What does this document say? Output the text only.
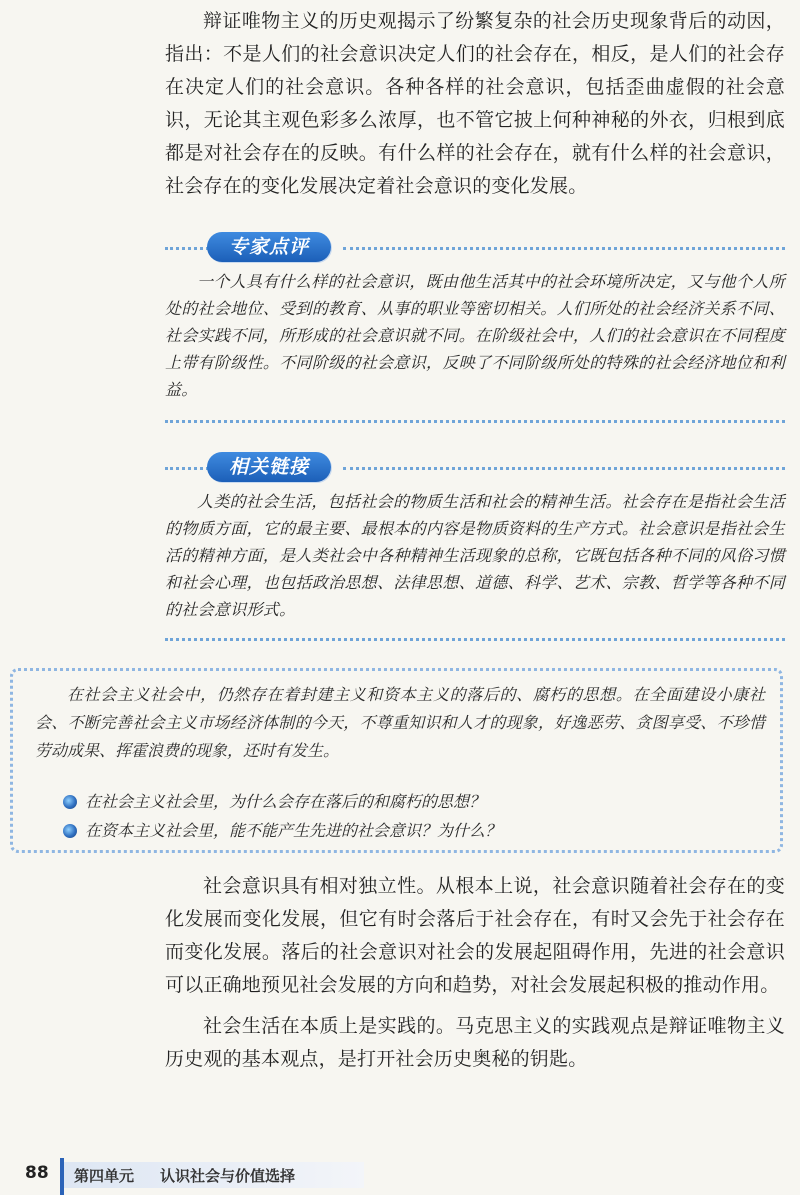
辩证唯物主义的历史观揭示了纷繁复杂的社会历史现象背后的动因，指出：不是人们的社会意识决定人们的社会存在，相反，是人们的社会存在决定人们的社会意识。各种各样的社会意识，包括歪曲虚假的社会意识，无论其主观色彩多么浓厚，也不管它披上何种神秘的外衣，归根到底都是对社会存在的反映。有什么样的社会存在，就有什么样的社会意识，社会存在的变化发展决定着社会意识的变化发展。

专家点评

一个人具有什么样的社会意识，既由他生活其中的社会环境所决定，又与他个人所处的社会地位、受到的教育、从事的职业等密切相关。人们所处的社会经济关系不同、社会实践不同，所形成的社会意识就不同。在阶级社会中，人们的社会意识在不同程度上带有阶级性。不同阶级的社会意识，反映了不同阶级所处的特殊的社会经济地位和利益。

相关链接

人类的社会生活，包括社会的物质生活和社会的精神生活。社会存在是指社会生活的物质方面，它的最主要、最根本的内容是物质资料的生产方式。社会意识是指社会生活的精神方面，是人类社会中各种精神生活现象的总称，它既包括各种不同的风俗习惯和社会心理，也包括政治思想、法律思想、道德、科学、艺术、宗教、哲学等各种不同的社会意识形式。

在社会主义社会中，仍然存在着封建主义和资本主义的落后的、腐朽的思想。在全面建设小康社会、不断完善社会主义市场经济体制的今天，不尊重知识和人才的现象，好逸恶劳、贪图享受、不珍惜劳动成果、挥霍浪费的现象，还时有发生。

在社会主义社会里，为什么会存在落后的和腐朽的思想？
在资本主义社会里，能不能产生先进的社会意识？为什么？

社会意识具有相对独立性。从根本上说，社会意识随着社会存在的变化发展而变化发展，但它有时会落后于社会存在，有时又会先于社会存在而变化发展。落后的社会意识对社会的发展起阻碍作用，先进的社会意识可以正确地预见社会发展的方向和趋势，对社会发展起积极的推动作用。

社会生活在本质上是实践的。马克思主义的实践观点是辩证唯物主义历史观的基本观点，是打开社会历史奥秘的钥匙。

88 第四单元 认识社会与价值选择
